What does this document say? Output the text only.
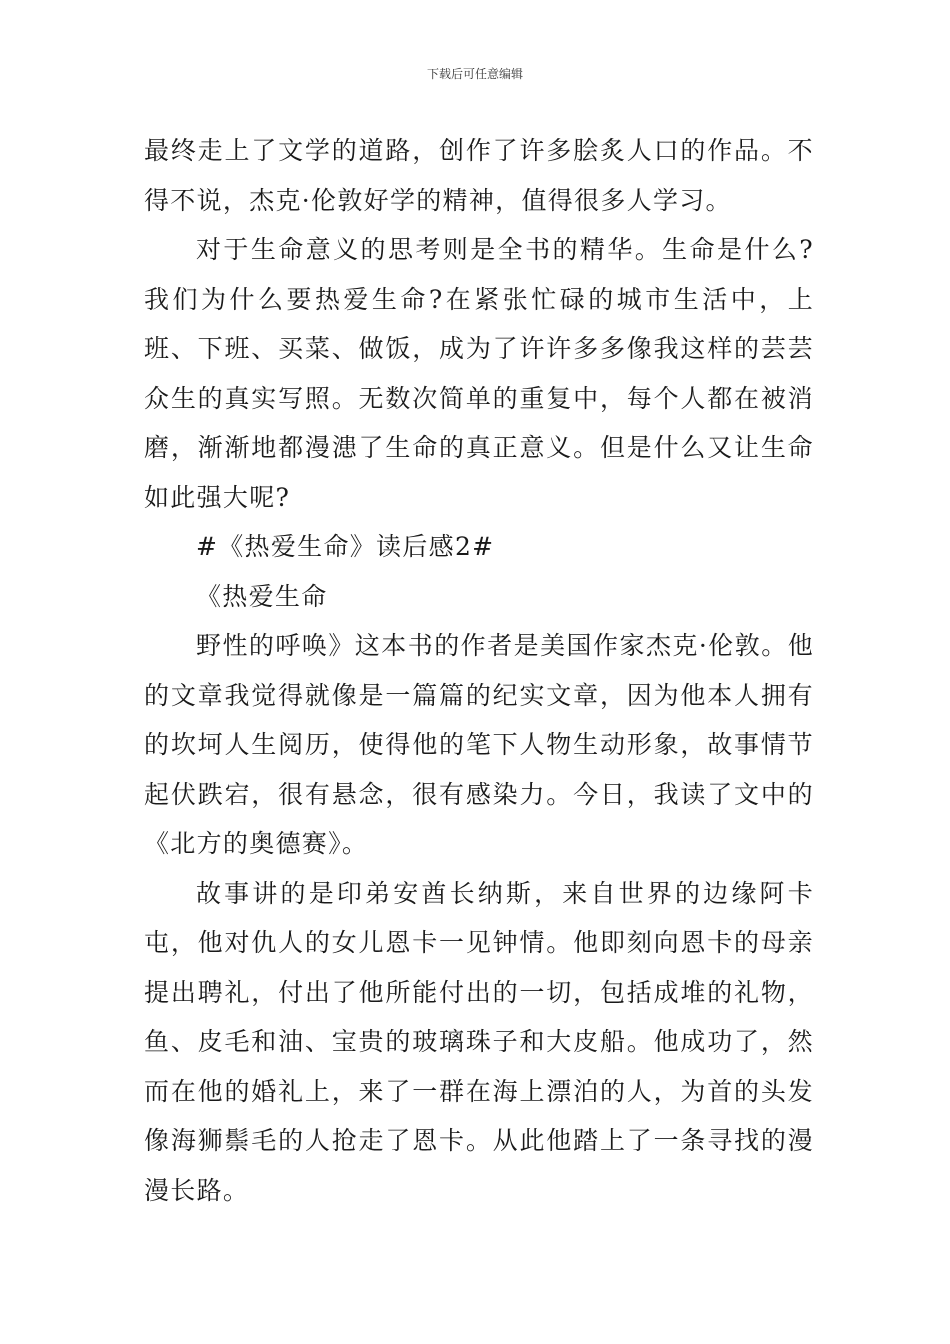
下载后可任意编辑

最终走上了文学的道路，创作了许多脍炙人口的作品。不得不说，杰克·伦敦好学的精神，值得很多人学习。

对于生命意义的思考则是全书的精华。生命是什么?我们为什么要热爱生命?在紧张忙碌的城市生活中，上班、下班、买菜、做饭，成为了许许多多像我这样的芸芸众生的真实写照。无数次简单的重复中，每个人都在被消磨，渐渐地都漫漶了生命的真正意义。但是什么又让生命如此强大呢?

#《热爱生命》读后感2#

《热爱生命

野性的呼唤》这本书的作者是美国作家杰克·伦敦。他的文章我觉得就像是一篇篇的纪实文章，因为他本人拥有的坎坷人生阅历，使得他的笔下人物生动形象，故事情节起伏跌宕，很有悬念，很有感染力。今日，我读了文中的《北方的奥德赛》。

故事讲的是印弟安酋长纳斯，来自世界的边缘阿卡屯，他对仇人的女儿恩卡一见钟情。他即刻向恩卡的母亲提出聘礼，付出了他所能付出的一切，包括成堆的礼物，鱼、皮毛和油、宝贵的玻璃珠子和大皮船。他成功了，然而在他的婚礼上，来了一群在海上漂泊的人，为首的头发像海狮鬃毛的人抢走了恩卡。从此他踏上了一条寻找的漫漫长路。
